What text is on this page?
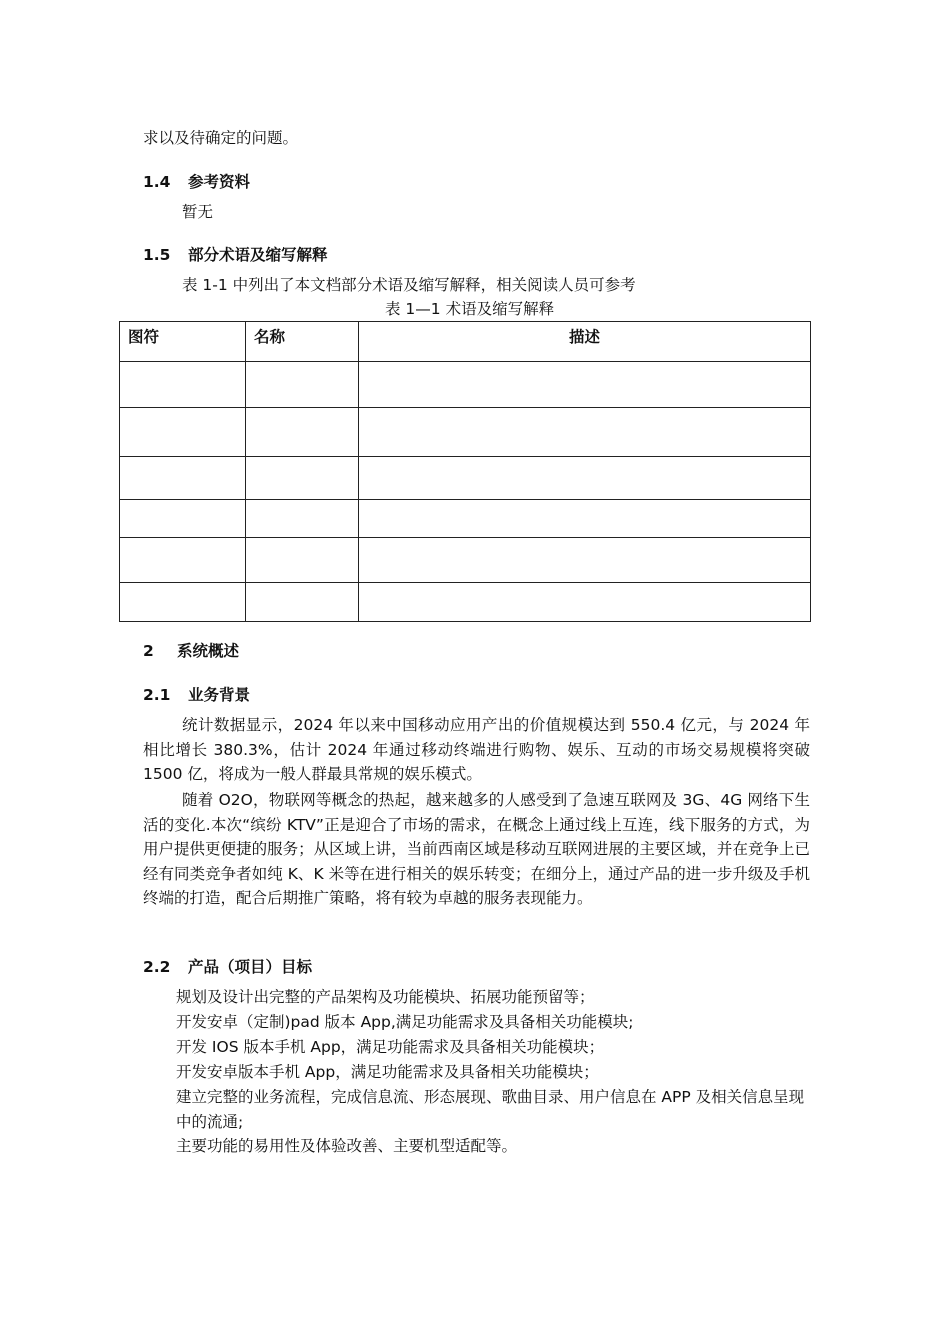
求以及待确定的问题。

1.4 参考资料

暂无

1.5 部分术语及缩写解释

表 1-1 中列出了本文档部分术语及缩写解释，相关阅读人员可参考

表 1—1 术语及缩写解释

图符	名称	描述

2 系统概述
2.1 业务背景

统计数据显示，2024 年以来中国移动应用产出的价值规模达到 550.4 亿元，与 2024 年相比增长 380.3%，估计 2024 年通过移动终端进行购物、娱乐、互动的市场交易规模将突破 1500 亿，将成为一般人群最具常规的娱乐模式。

随着 O2O，物联网等概念的热起，越来越多的人感受到了急速互联网及 3G、4G 网络下生活的变化.本次“缤纷 KTV”正是迎合了市场的需求，在概念上通过线上互连，线下服务的方式，为用户提供更便捷的服务；从区域上讲，当前西南区域是移动互联网进展的主要区域，并在竞争上已经有同类竞争者如纯 K、K 米等在进行相关的娱乐转变；在细分上，通过产品的进一步升级及手机终端的打造，配合后期推广策略，将有较为卓越的服务表现能力。

2.2 产品（项目）目标

规划及设计出完整的产品架构及功能模块、拓展功能预留等；

开发安卓（定制)pad 版本 App,满足功能需求及具备相关功能模块;

开发 IOS 版本手机 App，满足功能需求及具备相关功能模块；

开发安卓版本手机 App，满足功能需求及具备相关功能模块；

建立完整的业务流程，完成信息流、形态展现、歌曲目录、用户信息在 APP 及相关信息呈现中的流通;

主要功能的易用性及体验改善、主要机型适配等。
